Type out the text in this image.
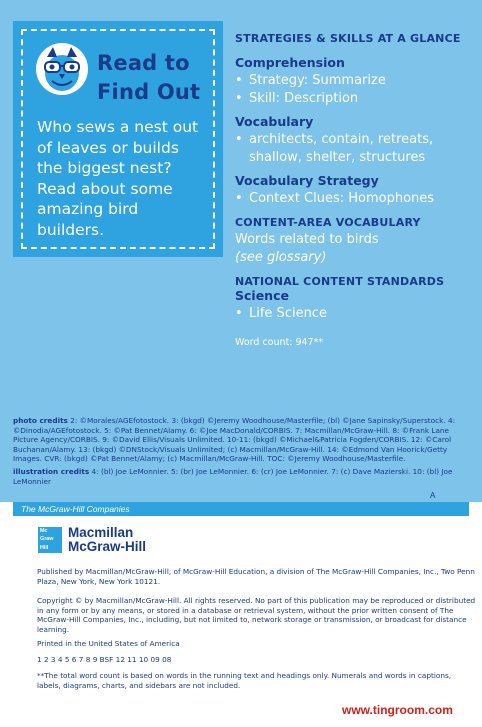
Read to
Find Out
Who sews a nest out of leaves or builds the biggest nest? Read about some amazing bird builders.
STRATEGIES & SKILLS AT A GLANCE
Comprehension
• Strategy: Summarize
• Skill: Description
Vocabulary
• architects, contain, retreats, shallow, shelter, structures
Vocabulary Strategy
• Context Clues: Homophones
CONTENT-AREA VOCABULARY
Words related to birds
(see glossary)
NATIONAL CONTENT STANDARDS
Science
• Life Science
Word count: 947**
photo credits 2: ©Morales/AGEfotostock. 3: (bkgd) ©Jeremy Woodhouse/Masterfile; (bl) ©Jane Sapinsky/Superstock. 4: ©Dinodia/AGEfotostock. 5: ©Pat Bennet/Alamy. 6: ©Joe MacDonald/CORBIS. 7: Macmillan/McGraw-Hill. 8: ©Frank Lane Picture Agency/CORBIS. 9: ©David Ellis/Visuals Unlimited. 10-11: (bkgd) ©Michael&Patricia Fogden/CORBIS. 12: ©Carol Buchanan/Alamy. 13: (bkgd) ©DNStock/Visuals Unlimited; (c) Macmillan/McGraw-Hill. 14: ©Edmond Van Hoorick/Getty Images. CVR: (bkgd) ©Pat Bennet/Alamy; (c) Macmillan/McGraw-Hill. TOC: ©Jeremy Woodhouse/Masterfile.
illustration credits 4: (bl) Joe LeMonnier. 5: (br) Joe LeMonnier. 6: (cr) Joe LeMonnier. 7: (c) Dave Mazierski. 10: (bl) Joe LeMonnier
A
The McGraw-Hill Companies
Mc
Graw
Hill
Macmillan
McGraw-Hill
Published by Macmillan/McGraw-Hill, of McGraw-Hill Education, a division of The McGraw-Hill Companies, Inc., Two Penn Plaza, New York, New York 10121.
Copyright © by Macmillan/McGraw-Hill. All rights reserved. No part of this publication may be reproduced or distributed in any form or by any means, or stored in a database or retrieval system, without the prior written consent of The McGraw-Hill Companies, Inc., including, but not limited to, network storage or transmission, or broadcast for distance learning.
Printed in the United States of America
1 2 3 4 5 6 7 8 9 BSF 12 11 10 09 08
**The total word count is based on words in the running text and headings only. Numerals and words in captions, labels, diagrams, charts, and sidebars are not included.
www.tingroom.com
